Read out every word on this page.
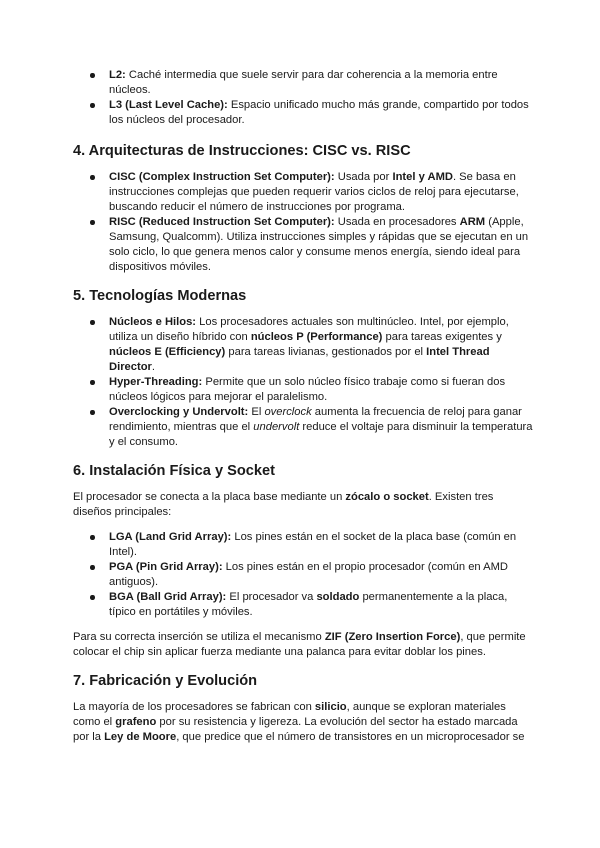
L2: Caché intermedia que suele servir para dar coherencia a la memoria entre núcleos.
L3 (Last Level Cache): Espacio unificado mucho más grande, compartido por todos los núcleos del procesador.
4. Arquitecturas de Instrucciones: CISC vs. RISC
CISC (Complex Instruction Set Computer): Usada por Intel y AMD. Se basa en instrucciones complejas que pueden requerir varios ciclos de reloj para ejecutarse, buscando reducir el número de instrucciones por programa.
RISC (Reduced Instruction Set Computer): Usada en procesadores ARM (Apple, Samsung, Qualcomm). Utiliza instrucciones simples y rápidas que se ejecutan en un solo ciclo, lo que genera menos calor y consume menos energía, siendo ideal para dispositivos móviles.
5. Tecnologías Modernas
Núcleos e Hilos: Los procesadores actuales son multinúcleo. Intel, por ejemplo, utiliza un diseño híbrido con núcleos P (Performance) para tareas exigentes y núcleos E (Efficiency) para tareas livianas, gestionados por el Intel Thread Director.
Hyper-Threading: Permite que un solo núcleo físico trabaje como si fueran dos núcleos lógicos para mejorar el paralelismo.
Overclocking y Undervolt: El overclock aumenta la frecuencia de reloj para ganar rendimiento, mientras que el undervolt reduce el voltaje para disminuir la temperatura y el consumo.
6. Instalación Física y Socket

El procesador se conecta a la placa base mediante un zócalo o socket. Existen tres diseños principales:

LGA (Land Grid Array): Los pines están en el socket de la placa base (común en Intel).
PGA (Pin Grid Array): Los pines están en el propio procesador (común en AMD antiguos).
BGA (Ball Grid Array): El procesador va soldado permanentemente a la placa, típico en portátiles y móviles.

Para su correcta inserción se utiliza el mecanismo ZIF (Zero Insertion Force), que permite colocar el chip sin aplicar fuerza mediante una palanca para evitar doblar los pines.

7. Fabricación y Evolución

La mayoría de los procesadores se fabrican con silicio, aunque se exploran materiales como el grafeno por su resistencia y ligereza. La evolución del sector ha estado marcada por la Ley de Moore, que predice que el número de transistores en un microprocesador se
